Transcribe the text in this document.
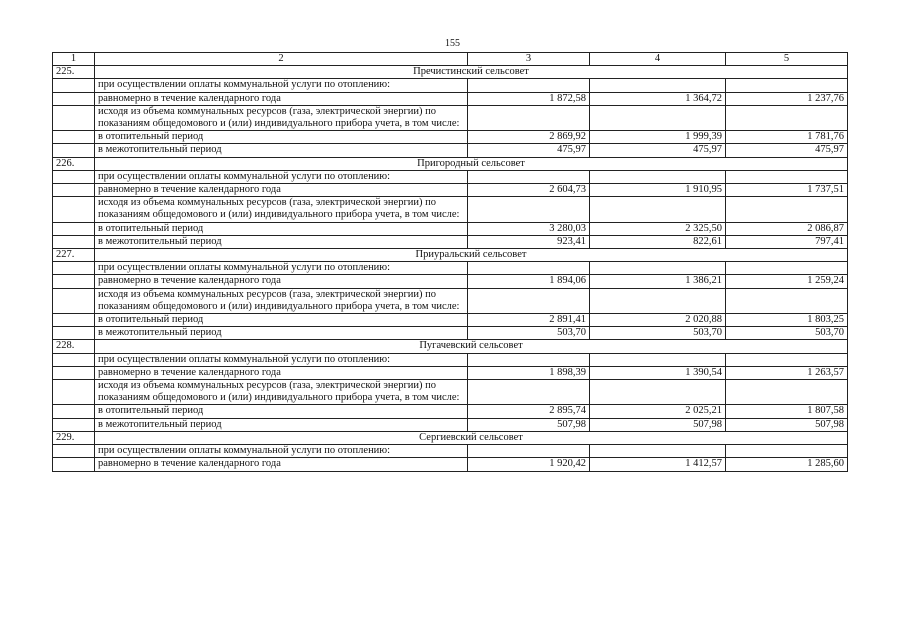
155
1	2	3	4	5
225.	Пречистинский сельсовет			
	при осуществлении оплаты коммунальной услуги по отоплению:			
	равномерно в течение календарного года	1 872,58	1 364,72	1 237,76
	исходя из объема коммунальных ресурсов (газа, электрической энергии) по показаниям общедомового и (или) индивидуального прибора учета, в том числе:			
	в отопительный период	2 869,92	1 999,39	1 781,76
	в межотопительный период	475,97	475,97	475,97
226.	Пригородный сельсовет			
	при осуществлении оплаты коммунальной услуги по отоплению:			
	равномерно в течение календарного года	2 604,73	1 910,95	1 737,51
	исходя из объема коммунальных ресурсов (газа, электрической энергии) по показаниям общедомового и (или) индивидуального прибора учета, в том числе:			
	в отопительный период	3 280,03	2 325,50	2 086,87
	в межотопительный период	923,41	822,61	797,41
227.	Приуральский сельсовет			
	при осуществлении оплаты коммунальной услуги по отоплению:			
	равномерно в течение календарного года	1 894,06	1 386,21	1 259,24
	исходя из объема коммунальных ресурсов (газа, электрической энергии) по показаниям общедомового и (или) индивидуального прибора учета, в том числе:			
	в отопительный период	2 891,41	2 020,88	1 803,25
	в межотопительный период	503,70	503,70	503,70
228.	Пугачевский сельсовет			
	при осуществлении оплаты коммунальной услуги по отоплению:			
	равномерно в течение календарного года	1 898,39	1 390,54	1 263,57
	исходя из объема коммунальных ресурсов (газа, электрической энергии) по показаниям общедомового и (или) индивидуального прибора учета, в том числе:			
	в отопительный период	2 895,74	2 025,21	1 807,58
	в межотопительный период	507,98	507,98	507,98
229.	Сергиевский сельсовет			
	при осуществлении оплаты коммунальной услуги по отоплению:			
	равномерно в течение календарного года	1 920,42	1 412,57	1 285,60
